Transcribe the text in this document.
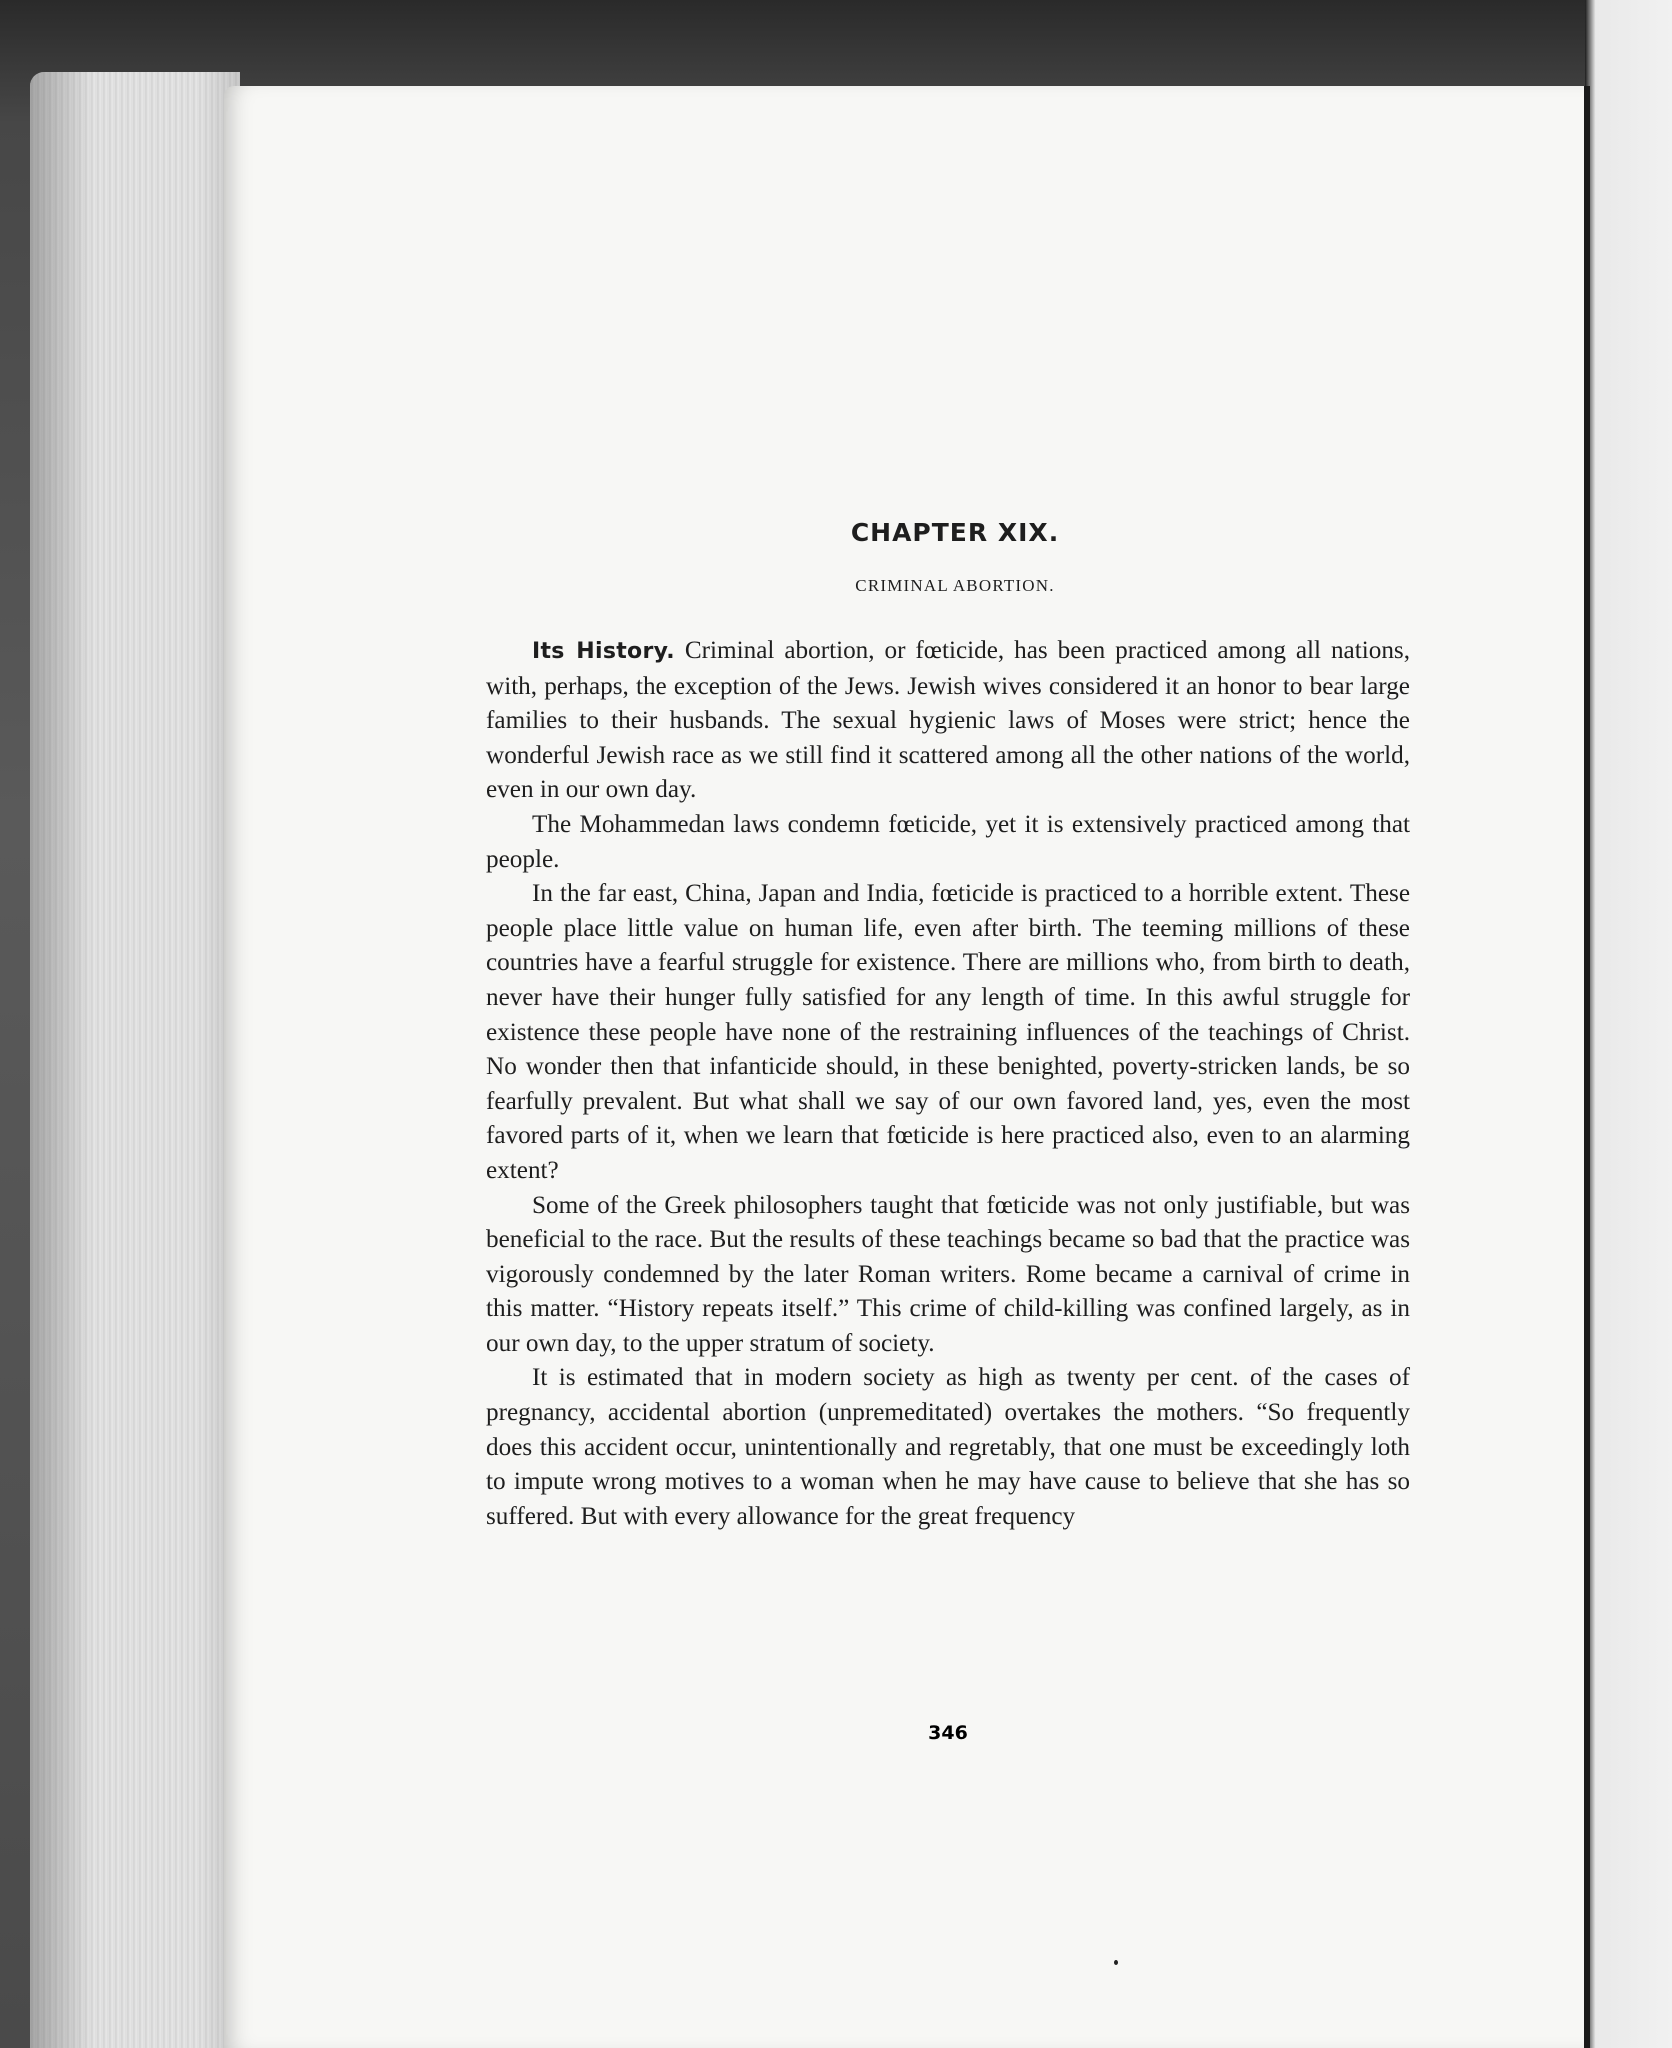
CHAPTER XIX.
CRIMINAL ABORTION.

Its History. Criminal abortion, or fœticide, has been practiced among all nations, with, perhaps, the exception of the Jews. Jewish wives considered it an honor to bear large families to their husbands. The sexual hygienic laws of Moses were strict; hence the wonderful Jewish race as we still find it scattered among all the other nations of the world, even in our own day.

The Mohammedan laws condemn fœticide, yet it is extensively practiced among that people.

In the far east, China, Japan and India, fœticide is practiced to a horrible extent. These people place little value on human life, even after birth. The teeming millions of these countries have a fearful struggle for existence. There are millions who, from birth to death, never have their hunger fully satisfied for any length of time. In this awful struggle for existence these people have none of the restraining influences of the teachings of Christ. No wonder then that infanticide should, in these benighted, poverty-stricken lands, be so fearfully prevalent. But what shall we say of our own favored land, yes, even the most favored parts of it, when we learn that fœticide is here practiced also, even to an alarming extent?

Some of the Greek philosophers taught that fœticide was not only justifiable, but was beneficial to the race. But the results of these teachings became so bad that the practice was vigorously condemned by the later Roman writers. Rome became a carnival of crime in this matter. “History repeats itself.” This crime of child-killing was confined largely, as in our own day, to the upper stratum of society.

It is estimated that in modern society as high as twenty per cent. of the cases of pregnancy, accidental abortion (unpremeditated) overtakes the mothers. “So frequently does this accident occur, unintentionally and regretably, that one must be exceedingly loth to impute wrong motives to a woman when he may have cause to believe that she has so suffered. But with every allowance for the great frequency

346
